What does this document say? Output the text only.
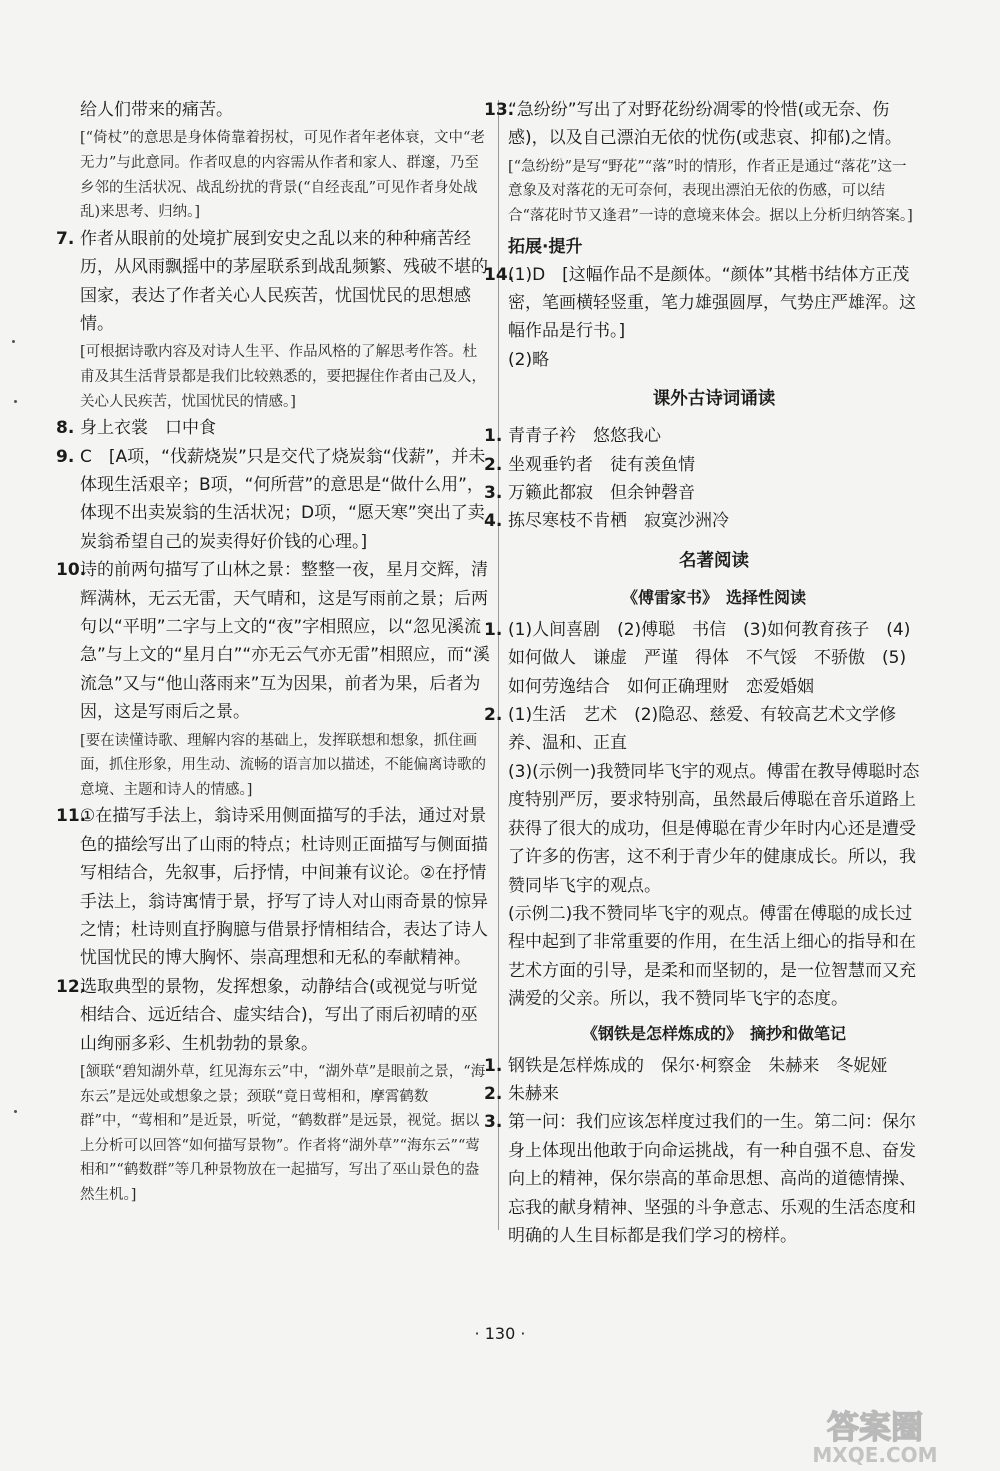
给人们带来的痛苦。

[“倚杖”的意思是身体倚靠着拐杖，可见作者年老体衰，文中“老无力”与此意同。作者叹息的内容需从作者和家人、群邃，乃至乡邻的生活状况、战乱纷扰的背景(“自经丧乱”可见作者身处战乱)来思考、归纳。]

7. 作者从眼前的处境扩展到安史之乱以来的种种痛苦经历，从风雨飘摇中的茅屋联系到战乱频繁、残破不堪的国家，表达了作者关心人民疾苦，忧国忧民的思想感情。

[可根据诗歌内容及对诗人生平、作品风格的了解思考作答。杜甫及其生活背景都是我们比较熟悉的，要把握住作者由己及人，关心人民疾苦，忧国忧民的情感。]

8. 身上衣裳　口中食
9. C　[A项，“伐薪烧炭”只是交代了烧炭翁“伐薪”，并未体现生活艰辛；B项，“何所营”的意思是“做什么用”，体现不出卖炭翁的生活状况；D项，“愿天寒”突出了卖炭翁希望自己的炭卖得好价钱的心理。]
10.
诗的前两句描写了山林之景：整整一夜，星月交辉，清辉满林，无云无雷，天气晴和，这是写雨前之景；后两句以“平明”二字与上文的“夜”字相照应，以“忽见溪流急”与上文的“星月白”“亦无云气亦无雷”相照应，而“溪流急”又与“他山落雨来”互为因果，前者为果，后者为因，这是写雨后之景。

[要在读懂诗歌、理解内容的基础上，发挥联想和想象，抓住画面，抓住形象，用生动、流畅的语言加以描述，不能偏离诗歌的意境、主题和诗人的情感。]

11.
①在描写手法上，翁诗采用侧面描写的手法，通过对景色的描绘写出了山雨的特点；杜诗则正面描写与侧面描写相结合，先叙事，后抒情，中间兼有议论。②在抒情手法上，翁诗寓情于景，抒写了诗人对山雨奇景的惊异之情；杜诗则直抒胸臆与借景抒情相结合，表达了诗人忧国忧民的博大胸怀、崇高理想和无私的奉献精神。
12.
选取典型的景物，发挥想象，动静结合(或视觉与听觉相结合、远近结合、虚实结合)，写出了雨后初晴的巫山绚丽多彩、生机勃勃的景象。

[颔联“碧知湖外草，红见海东云”中，“湖外草”是眼前之景，“海东云”是远处或想象之景；颈联“竟日莺相和，摩霄鹤数群”中，“莺相和”是近景，听觉，“鹤数群”是远景，视觉。据以上分析可以回答“如何描写景物”。作者将“湖外草”“海东云”“莺相和”“鹤数群”等几种景物放在一起描写，写出了巫山景色的盎然生机。]

13.
“急纷纷”写出了对野花纷纷凋零的怜惜(或无奈、伤感)，以及自己漂泊无依的忧伤(或悲哀、抑郁)之情。

[“急纷纷”是写“野花”“落”时的情形，作者正是通过“落花”这一意象及对落花的无可奈何，表现出漂泊无依的伤感，可以结合“落花时节又逢君”一诗的意境来体会。据以上分析归纳答案。]

拓展·提升

14.
(1)D　[这幅作品不是颜体。“颜体”其楷书结体方正茂密，笔画横轻竖重，笔力雄强圆厚，气势庄严雄浑。这幅作品是行书。]

(2)略

课外古诗词诵读

1. 青青子衿　悠悠我心
2. 坐观垂钓者　徒有羡鱼情
3. 万籁此都寂　但余钟磬音
4. 拣尽寒枝不肯栖　寂寞沙洲冷

名著阅读

《傅雷家书》　选择性阅读

1. (1)人间喜剧　(2)傅聪　书信　(3)如何教育孩子　(4)如何做人　谦虚　严谨　得体　不气馁　不骄傲　(5)如何劳逸结合　如何正确理财　恋爱婚姻
2. (1)生活　艺术　(2)隐忍、慈爱、有较高艺术文学修养、温和、正直

(3)(示例一)我赞同毕飞宇的观点。傅雷在教导傅聪时态度特别严厉，要求特别高，虽然最后傅聪在音乐道路上获得了很大的成功，但是傅聪在青少年时内心还是遭受了许多的伤害，这不利于青少年的健康成长。所以，我赞同毕飞宇的观点。

(示例二)我不赞同毕飞宇的观点。傅雷在傅聪的成长过程中起到了非常重要的作用，在生活上细心的指导和在艺术方面的引导，是柔和而坚韧的，是一位智慧而又充满爱的父亲。所以，我不赞同毕飞宇的态度。

《钢铁是怎样炼成的》　摘抄和做笔记

1. 钢铁是怎样炼成的　保尔·柯察金　朱赫来　冬妮娅
2. 朱赫来
3. 第一问：我们应该怎样度过我们的一生。第二问：保尔身上体现出他敢于向命运挑战，有一种自强不息、奋发向上的精神，保尔崇高的革命思想、高尚的道德情操、忘我的献身精神、坚强的斗争意志、乐观的生活态度和明确的人生目标都是我们学习的榜样。
· 130 ·
答案圈
MXQE.COM
